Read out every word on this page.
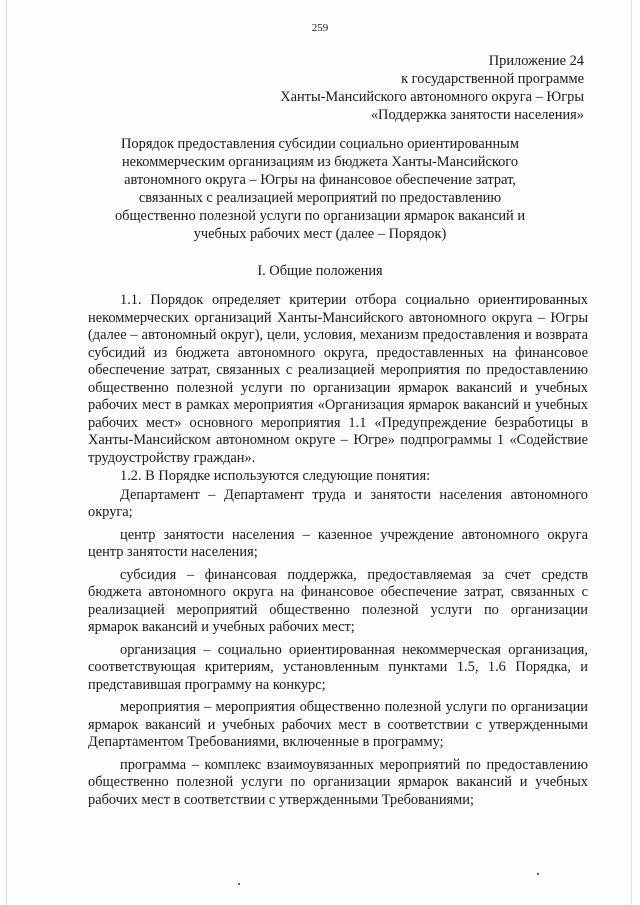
259
Приложение 24
к государственной программе
Ханты-Мансийского автономного округа – Югры
«Поддержка занятости населения»
Порядок предоставления субсидии социально ориентированным некоммерческим организациям из бюджета Ханты-Мансийского автономного округа – Югры на финансовое обеспечение затрат, связанных с реализацией мероприятий по предоставлению общественно полезной услуги по организации ярмарок вакансий и учебных рабочих мест (далее – Порядок)
I. Общие положения

1.1. Порядок определяет критерии отбора социально ориентированных некоммерческих организаций Ханты-Мансийского автономного округа – Югры (далее – автономный округ), цели, условия, механизм предоставления и возврата субсидий из бюджета автономного округа, предоставленных на финансовое обеспечение затрат, связанных с реализацией мероприятия по предоставлению общественно полезной услуги по организации ярмарок вакансий и учебных рабочих мест в рамках мероприятия «Организация ярмарок вакансий и учебных рабочих мест» основного мероприятия 1.1 «Предупреждение безработицы в Ханты-Мансийском автономном округе – Югре» подпрограммы 1 «Содействие трудоустройству граждан».

1.2. В Порядке используются следующие понятия:

Департамент – Департамент труда и занятости населения автономного округа;

центр занятости населения – казенное учреждение автономного округа центр занятости населения;

субсидия – финансовая поддержка, предоставляемая за счет средств бюджета автономного округа на финансовое обеспечение затрат, связанных с реализацией мероприятий общественно полезной услуги по организации ярмарок вакансий и учебных рабочих мест;

организация – социально ориентированная некоммерческая организация, соответствующая критериям, установленным пунктами 1.5, 1.6 Порядка, и представившая программу на конкурс;

мероприятия – мероприятия общественно полезной услуги по организации ярмарок вакансий и учебных рабочих мест в соответствии с утвержденными Департаментом Требованиями, включенные в программу;

программа – комплекс взаимоувязанных мероприятий по предоставлению общественно полезной услуги по организации ярмарок вакансий и учебных рабочих мест в соответствии с утвержденными Требованиями;
